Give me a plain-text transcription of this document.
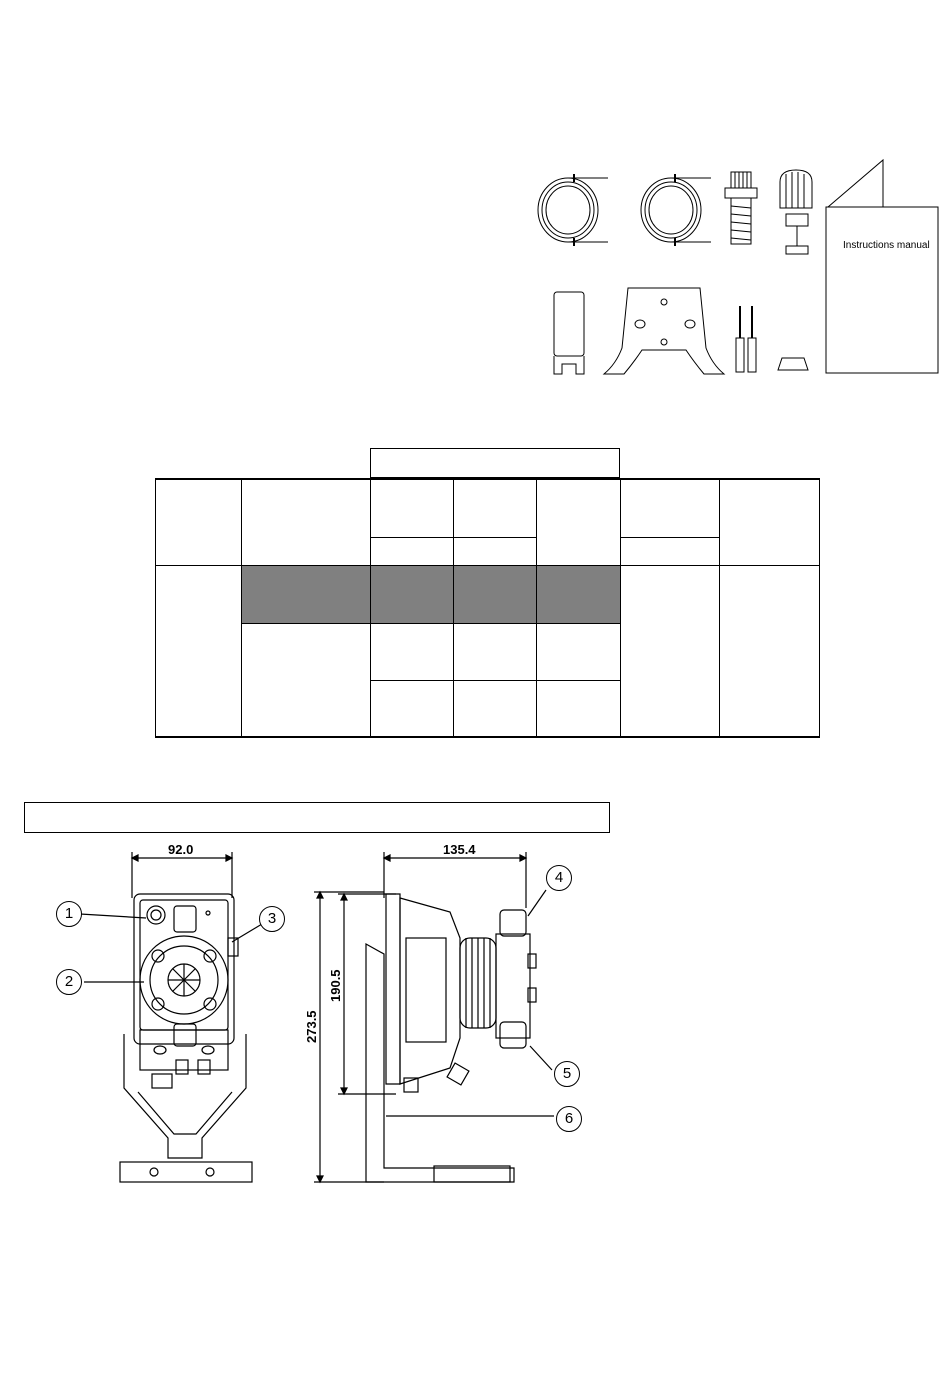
Instructions manual
92.0
1
2
3
135.4
273.5
190.5
4
5
6
